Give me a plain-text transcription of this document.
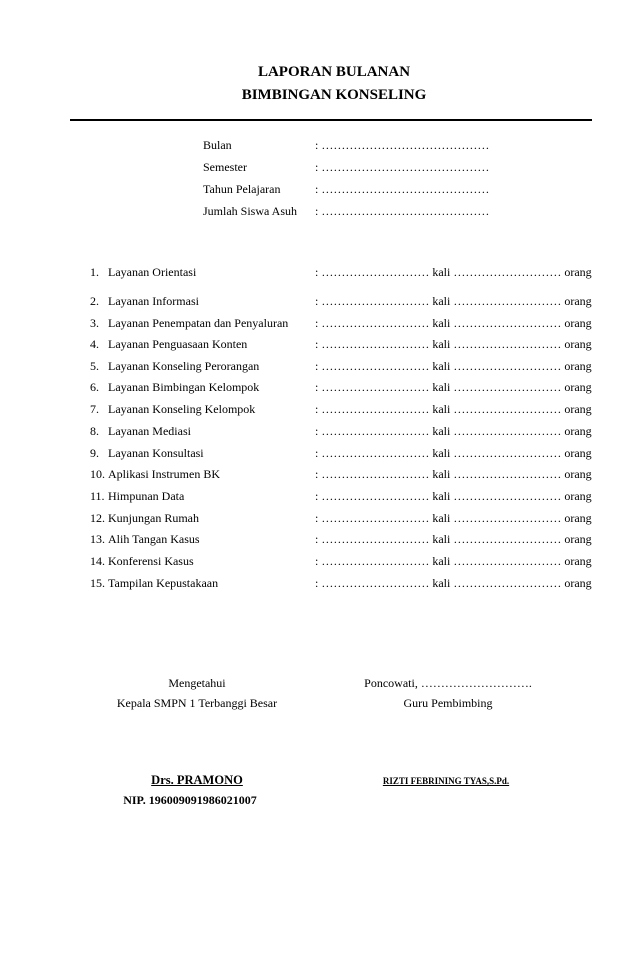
LAPORAN BULANAN
BIMBINGAN KONSELING
Bulan	: ……………………………………
Semester	: ……………………………………
Tahun Pelajaran	: ……………………………………
Jumlah Siswa Asuh : ……………………………………
1. Layanan Orientasi	: ……………………… kali ……………………… orang
2. Layanan Informasi	: ……………………… kali ……………………… orang
3. Layanan Penempatan dan Penyaluran : ……………………… kali ……………………… orang
4. Layanan Penguasaan Konten	: ……………………… kali ……………………… orang
5. Layanan Konseling Perorangan	: ……………………… kali ……………………… orang
6. Layanan Bimbingan Kelompok	: ……………………… kali ……………………… orang
7. Layanan Konseling Kelompok	: ……………………… kali ……………………… orang
8. Layanan Mediasi	: ……………………… kali ……………………… orang
9. Layanan Konsultasi	: ……………………… kali ……………………… orang
10. Aplikasi Instrumen BK	: ……………………… kali ……………………… orang
11. Himpunan Data	: ……………………… kali ……………………… orang
12. Kunjungan Rumah	: ……………………… kali ……………………… orang
13. Alih Tangan Kasus	: ……………………… kali ……………………… orang
14. Konferensi Kasus	: ……………………… kali ……………………… orang
15. Tampilan Kepustakaan	: ……………………… kali ……………………… orang
Mengetahui
Kepala SMPN 1 Terbanggi Besar
Drs. PRAMONO
NIP. 196009091986021007
Poncowati, ……………………….
Guru Pembimbing
RIZTI FEBRINING TYAS,S.Pd.
